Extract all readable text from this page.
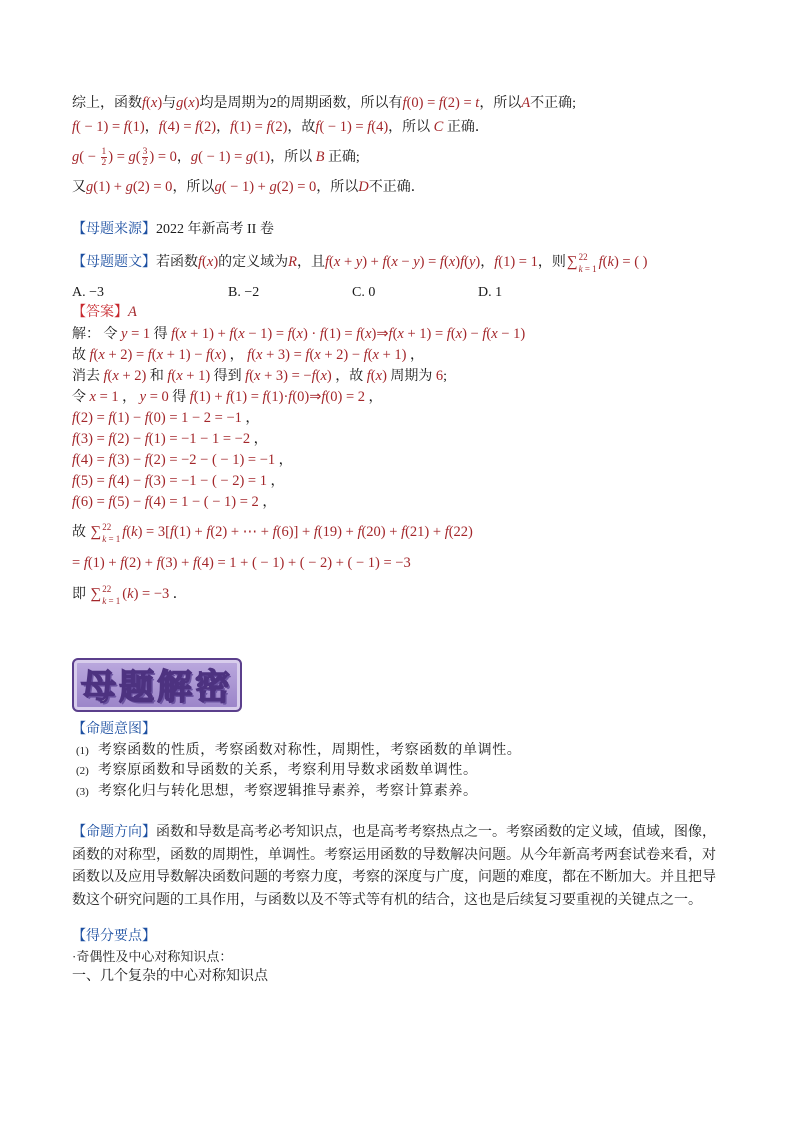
综上，函数f(x)与g(x)均是周期为2的周期函数，所以有f(0) = f(2) = t，所以A不正确;
f( − 1) = f(1)，f(4) = f(2)，f(1) = f(2)，故f( − 1) = f(4)，所以 C 正确．
$g( - \frac{1}{2}$ ) = $g( \frac{3}{2}$ ) = 0，g( − 1) = g(1)，所以 B 正确;
又g(1) + g(2) = 0，所以g( − 1) + g(2) = 0，所以D不正确．
【母题来源】2022 年新高考 II 卷
【母题题文】若函数f(x)的定义域为R，且f(x + y) + f(x − y) = f(x)f(y)，f(1) = 1，则 ∑ 22
k = 1 f(k) = ( )
A. −3	B. −2	C. 0	D. 1
【答案】A
解： 令 y = 1 得 f(x + 1) + f(x − 1) = f(x) · f(1) = f(x)⇒f(x + 1) = f(x) − f(x − 1)
故 f(x + 2) = f(x + 1) − f(x) ， f(x + 3) = f(x + 2) − f(x + 1) ，
消去 f(x + 2) 和 f(x + 1) 得到 f(x + 3) = −f(x) ，故 f(x) 周期为 6;
令 x = 1 ， y = 0 得 f(1) + f(1) = f(1)·f(0)⇒f(0) = 2 ，
f(2) = f(1) − f(0) = 1 − 2 = −1 ，
f(3) = f(2) − f(1) = −1 − 1 = −2 ，
f(4) = f(3) − f(2) = −2 − ( − 1) = −1 ，
f(5) = f(4) − f(3) = −1 − ( − 2) = 1 ，
f(6) = f(5) − f(4) = 1 − ( − 1) = 2 ，
故 ∑ 22
k = 1 f(k) = 3[f(1) + f(2) + ⋯ + f(6)] + f(19) + f(20) + f(21) + f(22)
= f(1) + f(2) + f(3) + f(4) = 1 + ( − 1) + ( − 2) + ( − 1) = −3
即 ∑ 22
k = 1 (k) = −3 ．
母题解密
【命题意图】
(1) 考察函数的性质，考察函数对称性，周期性，考察函数的单调性。
(2) 考察原函数和导函数的关系，考察利用导数求函数单调性。
(3) 考察化归与转化思想，考察逻辑推导素养，考察计算素养。
【命题方向】函数和导数是高考必考知识点，也是高考考察热点之一。考察函数的定义域，值域，图像，
函数的对称型，函数的周期性，单调性。考察运用函数的导数解决问题。从今年新高考两套试卷来看，对
函数以及应用导数解决函数问题的考察力度，考察的深度与广度，问题的难度，都在不断加大。并且把导
数这个研究问题的工具作用，与函数以及不等式等有机的结合，这也是后续复习要重视的关键点之一。
【得分要点】
·奇偶性及中心对称知识点：
一、几个复杂的中心对称知识点
